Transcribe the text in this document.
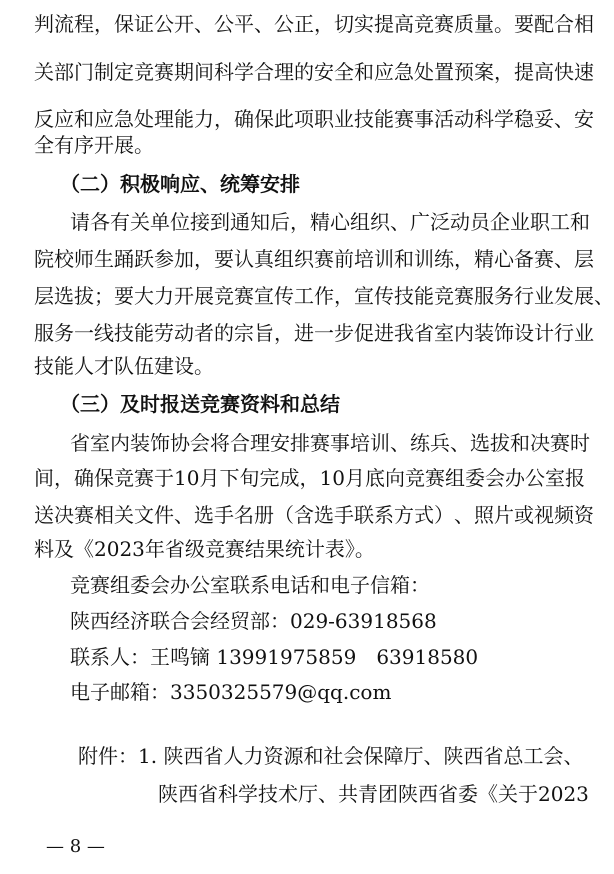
判 流 程 ， 保 证 公 开 、 公 平 、 公 正 ， 切 实 提 高 竞 赛 质 量 。 要 配 合 相
关 部 门 制 定 竞 赛 期 间 科 学 合 理 的 安 全 和 应 急 处 置 预 案 ， 提 高 快 速
反 应 和 应 急 处 理 能 力 ， 确 保 此 项 职 业 技 能 赛 事 活 动 科 学 稳 妥 、 安
全有序开展。
（二）积极响应、统筹安排
请 各 有 关 单 位 接 到 通 知 后 ， 精 心 组 织 、 广 泛 动 员 企 业 职 工 和
院 校 师 生 踊 跃 参 加 ， 要 认 真 组 织 赛 前 培 训 和 训 练 ， 精 心 备 赛 、 层
层 选 拔 ； 要 大 力 开 展 竞 赛 宣 传 工 作 ， 宣 传 技 能 竞 赛 服 务 行 业 发 展 、
服 务 一 线 技 能 劳 动 者 的 宗 旨 ， 进 一 步 促 进 我 省 室 内 装 饰 设 计 行 业
技能人才队伍建设。
（三）及时报送竞赛资料和总结
省 室 内 装 饰 协 会 将 合 理 安 排 赛 事 培 训 、 练 兵 、 选 拔 和 决 赛 时
间 ， 确 保 竞 赛 于 1 0 月 下 旬 完 成 ， 1 0 月 底 向 竞 赛 组 委 会 办 公 室 报
送 决 赛 相 关 文 件 、 选 手 名 册 （ 含 选 手 联 系 方 式 ） 、 照 片 或 视 频 资
料及《2023年省级竞赛结果统计表》。
竞赛组委会办公室联系电话和电子信箱：
陕西经济联合会经贸部：029-63918568
联系人：王鸣镝 13991975859　63918580
电子邮箱：3350325579@qq.com
附件：1. 陕西省人力资源和社会保障厅、陕西省总工会、
陕西省科学技术厅、共青团陕西省委《关于2023
— 8 —
